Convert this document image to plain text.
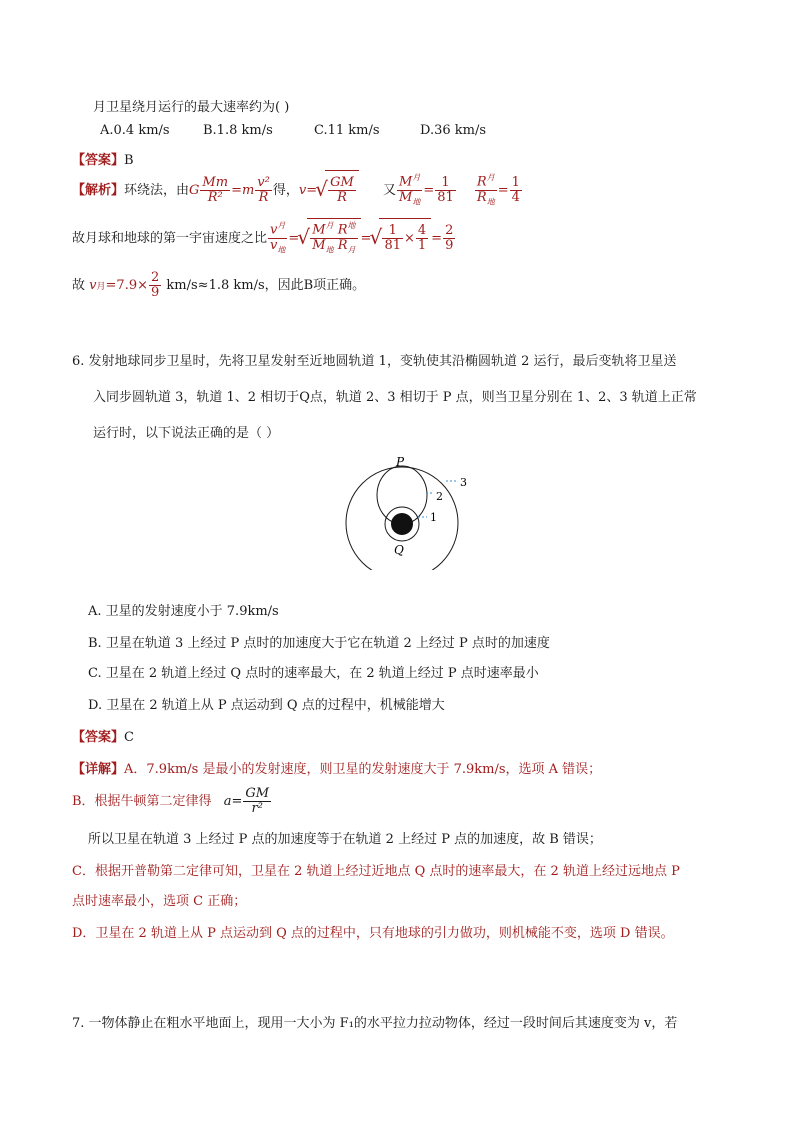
月卫星绕月运行的最大速率约为( )
A.0.4 km/s	B.1.8 km/s	C.11 km/s	D.36 km/s
【答案】B
【解析】环绕法，由G $\frac{Mm}{\text{R²}} =m \frac{\text{v²}}{R}$ 得，v= √ $\frac{GM}{R}$ 又 $\frac{M^月}{M_地} = \frac{1}{81}$
$\frac{R^月}{R_地} = \frac{1}{4}$
故月球和地球的第一宇宙速度之比 $\frac{v^月}{v_地}$ = √ $\frac{M^月 R^地}{M_地 R_月}$ = √ $\frac{1}{81} \times \frac{4}{1} = \frac{2}{9}$
故 v月$=7.9\times \frac{2}{9} km/s\approx 1.8$ km/s，因此B项正确。
6. 发射地球同步卫星时，先将卫星发射至近地圆轨道 1，变轨使其沿椭圆轨道 2 运行，最后变轨将卫星送
入同步圆轨道 3，轨道 1、2 相切于Q点，轨道 2、3 相切于 P 点，则当卫星分别在 1、2、3 轨道上正常
运行时，以下说法正确的是（ ）
P
Q
1
2
3
A. 卫星的发射速度小于 7.9km/s
B. 卫星在轨道 3 上经过 P 点时的加速度大于它在轨道 2 上经过 P 点时的加速度
C. 卫星在 2 轨道上经过 Q 点时的速率最大，在 2 轨道上经过 P 点时速率最小
D. 卫星在 2 轨道上从 P 点运动到 Q 点的过程中，机械能增大
【答案】C
【详解】A．7.9km/s 是最小的发射速度，则卫星的发射速度大于 7.9km/s，选项 A 错误；
B．根据牛顿第二定律得 $a= \frac{GM}{\text{r²}}$
所以卫星在轨道 3 上经过 P 点的加速度等于在轨道 2 上经过 P 点的加速度，故 B 错误；
C．根据开普勒第二定律可知，卫星在 2 轨道上经过近地点 Q 点时的速率最大，在 2 轨道上经过远地点 P
点时速率最小，选项 C 正确；
D．卫星在 2 轨道上从 P 点运动到 Q 点的过程中，只有地球的引力做功，则机械能不变，选项 D 错误。
7. 一物体静止在粗水平地面上，现用一大小为 F₁的水平拉力拉动物体，经过一段时间后其速度变为 v，若
